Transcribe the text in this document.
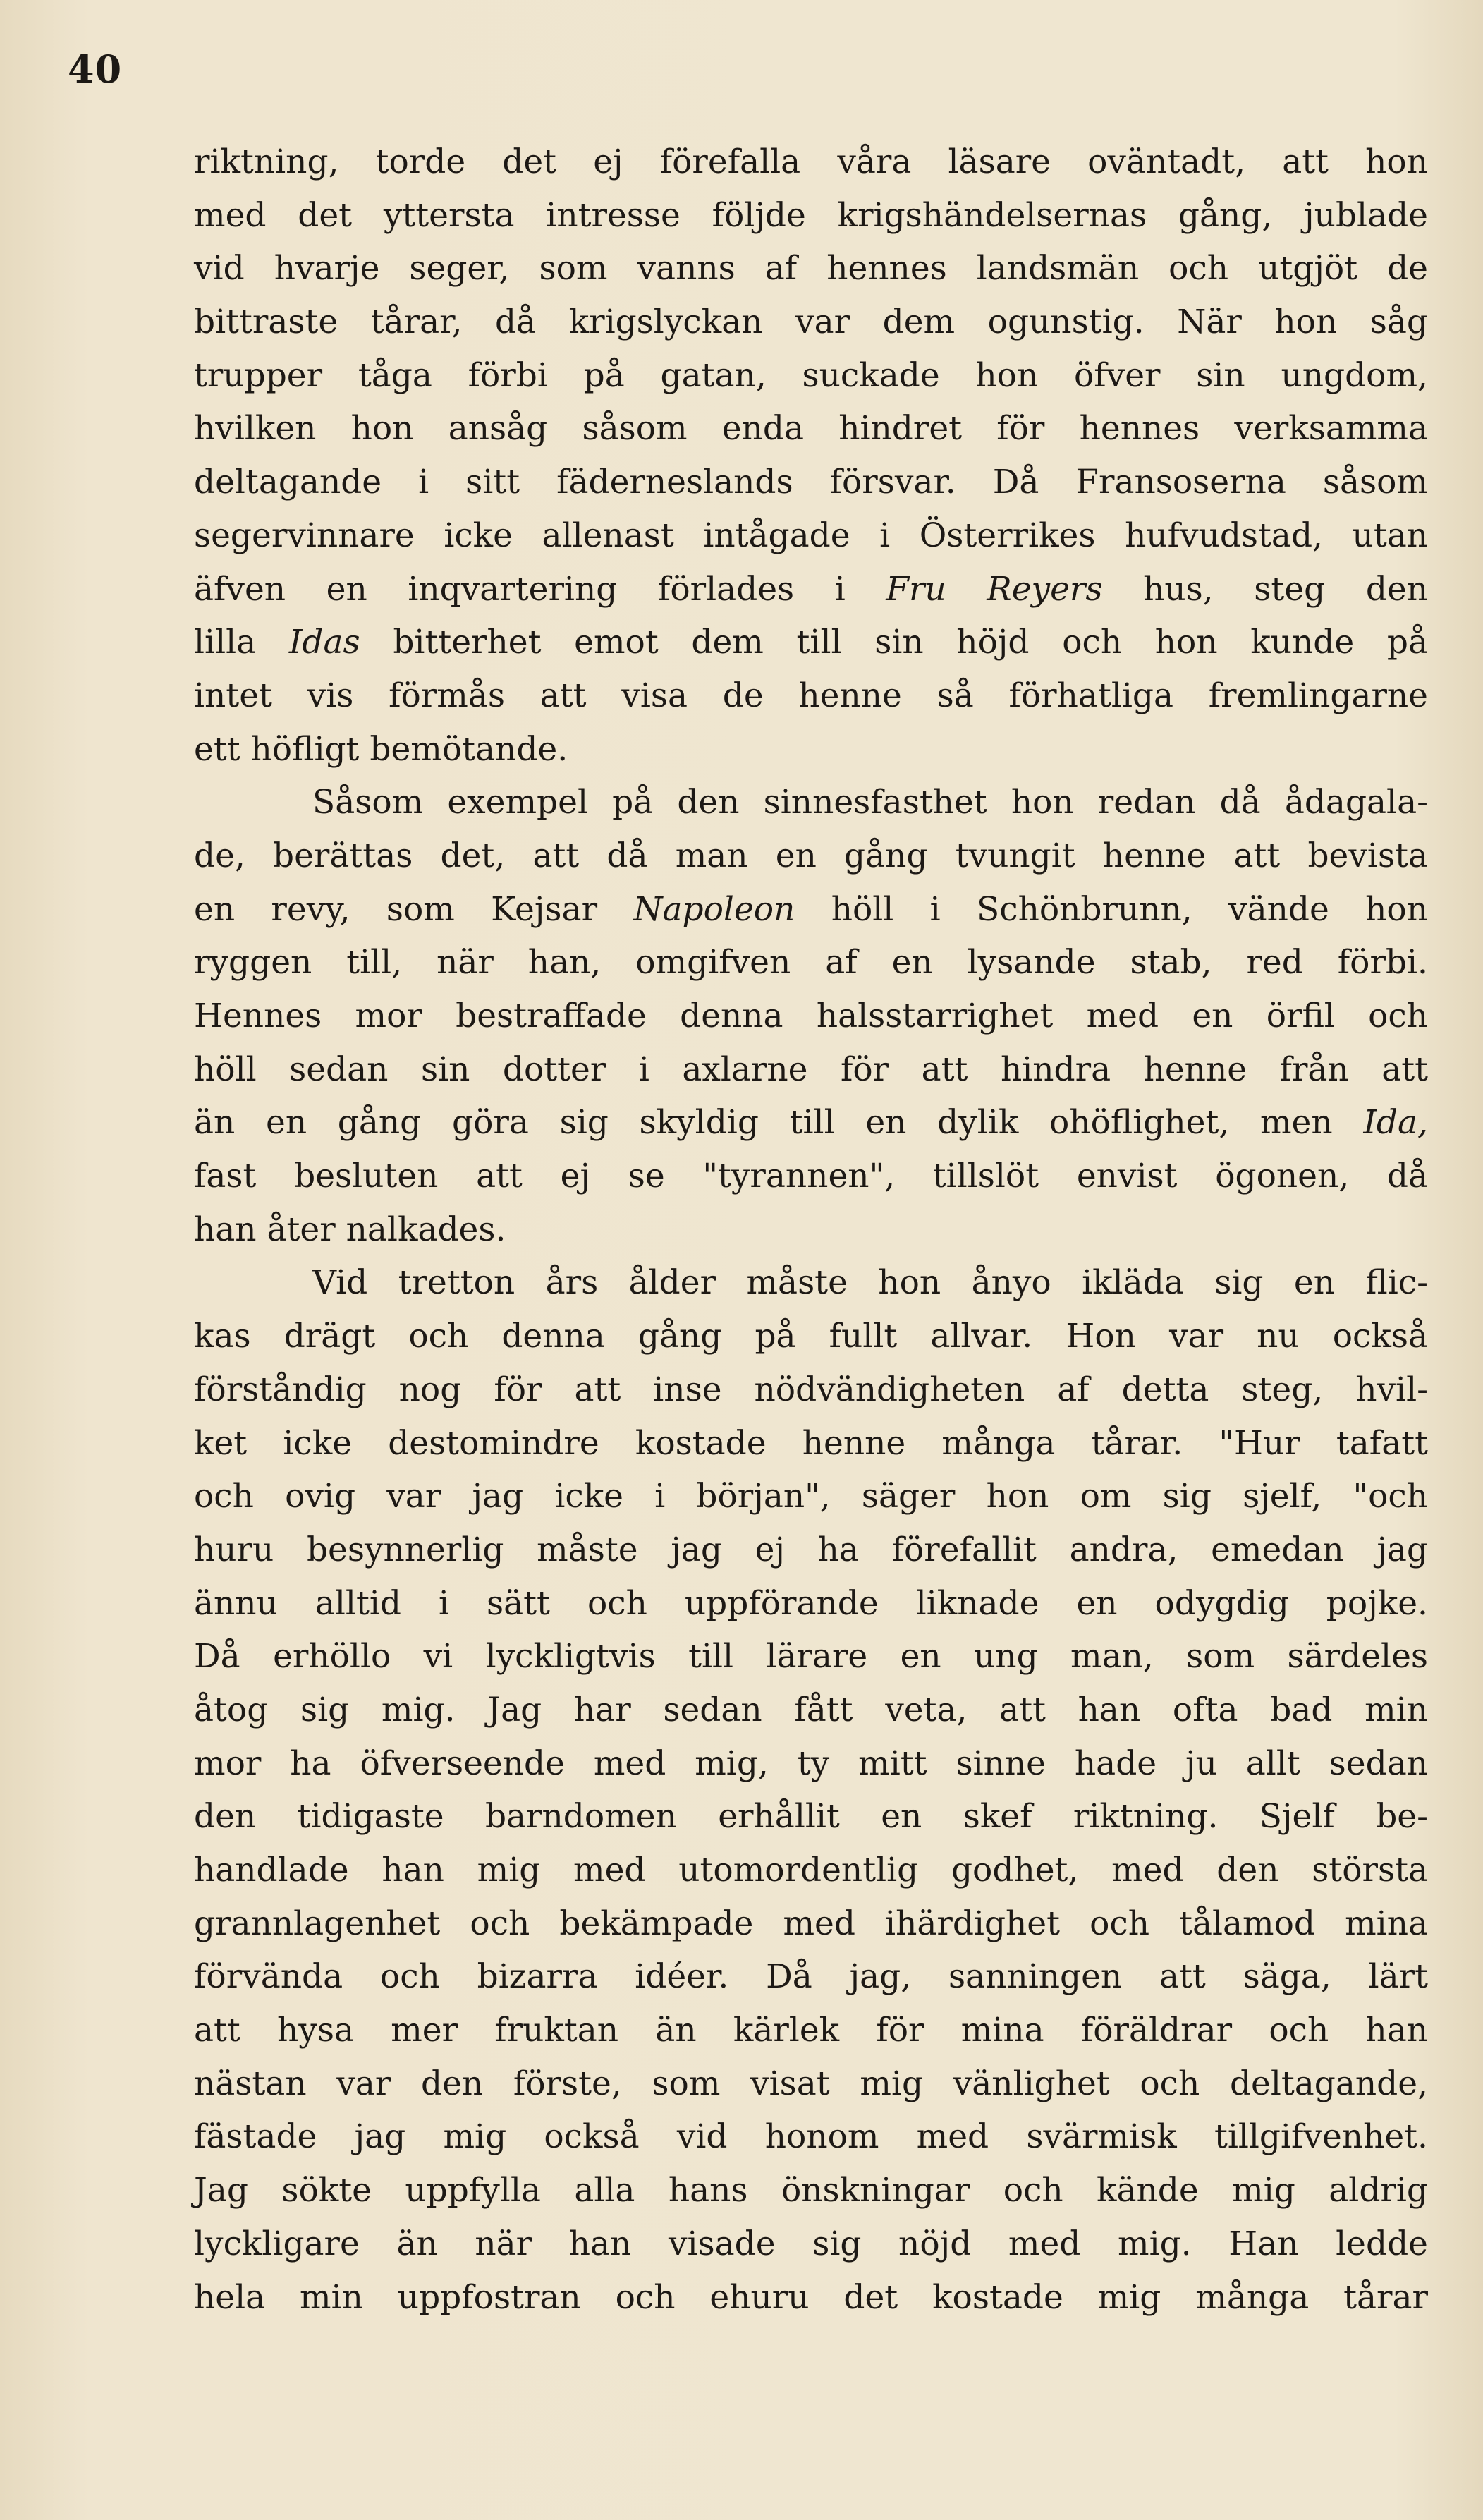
40
riktning, torde det ej förefalla våra läsare oväntadt, att hon
med det yttersta intresse följde krigshändelsernas gång, jublade
vid hvarje seger, som vanns af hennes landsmän och utgjöt de
bittraste tårar, då krigslyckan var dem ogunstig. När hon såg
trupper tåga förbi på gatan, suckade hon öfver sin ungdom,
hvilken hon ansåg såsom enda hindret för hennes verksamma
deltagande i sitt fäderneslands försvar. Då Fransoserna såsom
segervinnare icke allenast intågade i Österrikes hufvudstad, utan
äfven en inqvartering förlades i Fru Reyers hus, steg den
lilla Idas bitterhet emot dem till sin höjd och hon kunde på
intet vis förmås att visa de henne så förhatliga fremlingarne
ett höfligt bemötande.
Såsom exempel på den sinnesfasthet hon redan då ådagala-
de, berättas det, att då man en gång tvungit henne att bevista
en revy, som Kejsar Napoleon höll i Schönbrunn, vände hon
ryggen till, när han, omgifven af en lysande stab, red förbi.
Hennes mor bestraffade denna halsstarrighet med en örfil och
höll sedan sin dotter i axlarne för att hindra henne från att
än en gång göra sig skyldig till en dylik ohöflighet, men Ida,
fast besluten att ej se "tyrannen", tillslöt envist ögonen, då
han åter nalkades.
Vid tretton års ålder måste hon ånyo ikläda sig en flic-
kas drägt och denna gång på fullt allvar. Hon var nu också
förståndig nog för att inse nödvändigheten af detta steg, hvil-
ket icke destomindre kostade henne många tårar. "Hur tafatt
och ovig var jag icke i början", säger hon om sig sjelf, "och
huru besynnerlig måste jag ej ha förefallit andra, emedan jag
ännu alltid i sätt och uppförande liknade en odygdig pojke.
Då erhöllo vi lyckligtvis till lärare en ung man, som särdeles
åtog sig mig. Jag har sedan fått veta, att han ofta bad min
mor ha öfverseende med mig, ty mitt sinne hade ju allt sedan
den tidigaste barndomen erhållit en skef riktning. Sjelf be-
handlade han mig med utomordentlig godhet, med den största
grannlagenhet och bekämpade med ihärdighet och tålamod mina
förvända och bizarra idéer. Då jag, sanningen att säga, lärt
att hysa mer fruktan än kärlek för mina föräldrar och han
nästan var den förste, som visat mig vänlighet och deltagande,
fästade jag mig också vid honom med svärmisk tillgifvenhet.
Jag sökte uppfylla alla hans önskningar och kände mig aldrig
lyckligare än när han visade sig nöjd med mig. Han ledde
hela min uppfostran och ehuru det kostade mig många tårar
